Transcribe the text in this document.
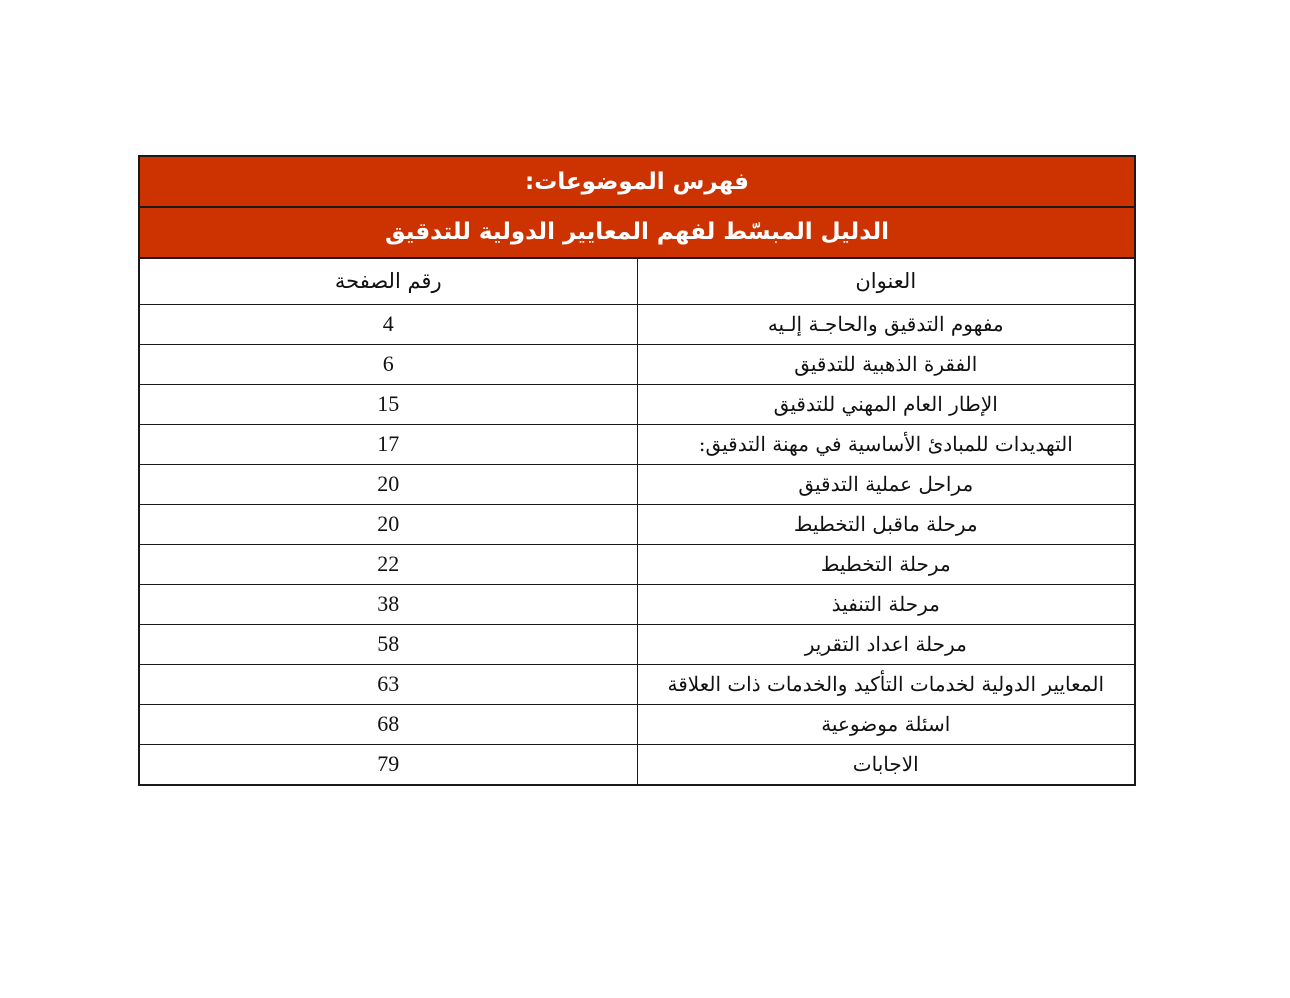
فهرس الموضوعات:
الدليل المبسّط لفهم المعايير الدولية للتدقيق
العنوان	رقم الصفحة
مفهوم التدقيق والحاجـة إلـيه	4
الفقرة الذهبية للتدقيق	6
الإطار العام المهني للتدقيق	15
التهديدات للمبادئ الأساسية في مهنة التدقيق:	17
مراحل عملية التدقيق	20
مرحلة ماقبل التخطيط	20
مرحلة التخطيط	22
مرحلة التنفيذ	38
مرحلة اعداد التقرير	58
المعايير الدولية لخدمات التأكيد والخدمات ذات العلاقة	63
اسئلة موضوعية	68
الاجابات	79
